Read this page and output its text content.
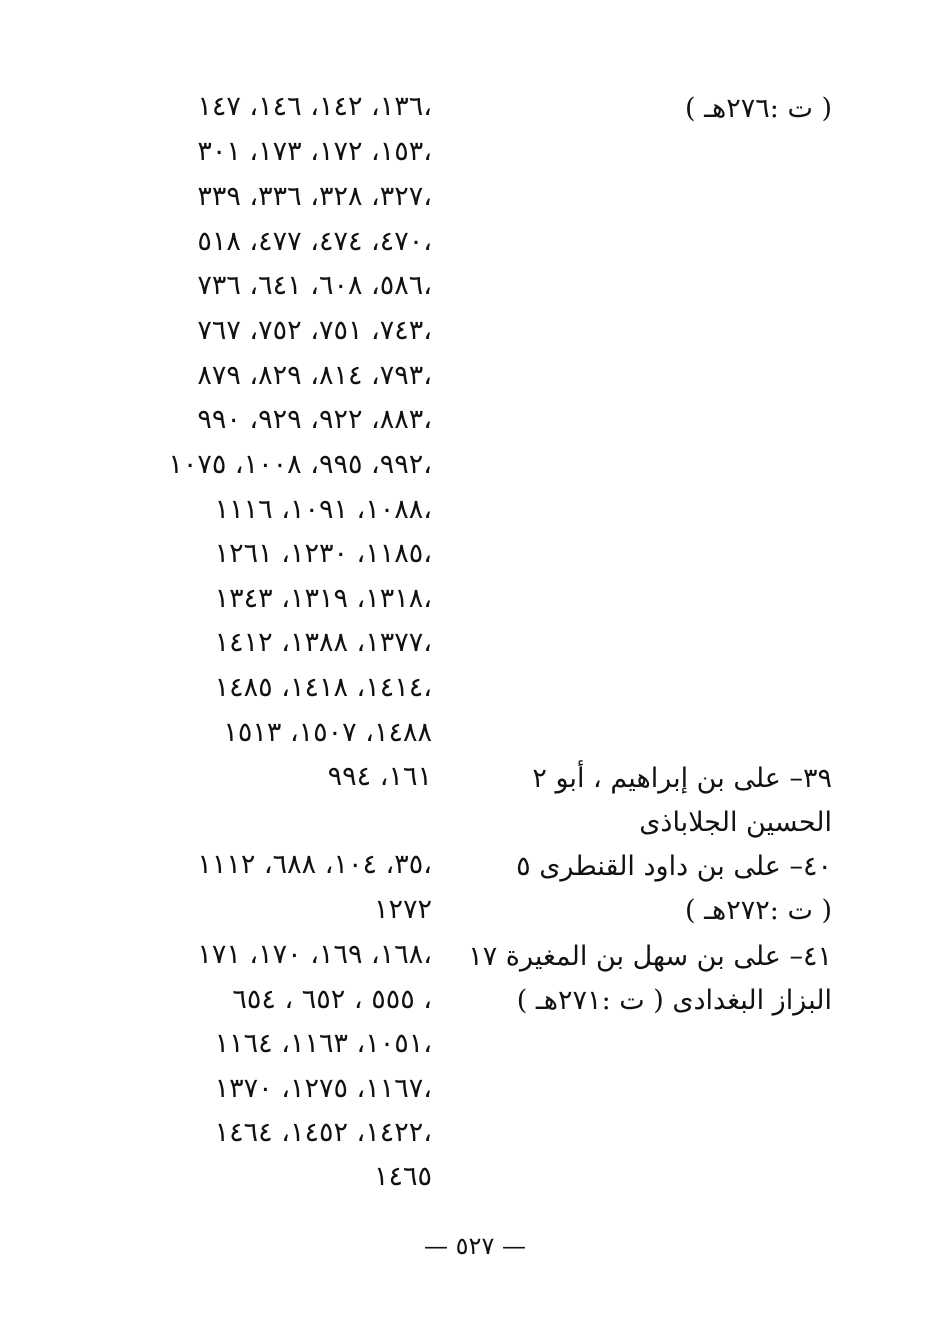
( ت :٢٧٦هـ )
٣٩– على بن إبراهيم ، أبو ٢
الحسين الجلاباذى
٤٠– على بن داود القنطرى ٥
( ت :٢٧٢هـ )
٤١– على بن سهل بن المغيرة ١٧
البزاز البغدادى ( ت :٢٧١هـ )
١٣٦، ١٤٢، ١٤٦، ١٤٧،
١٥٣، ١٧٢، ١٧٣، ٣٠١،
٣٢٧، ٣٢٨، ٣٣٦، ٣٣٩،
٤٧٠، ٤٧٤، ٤٧٧، ٥١٨،
٥٨٦، ٦٠٨، ٦٤١، ٧٣٦،
٧٤٣، ٧٥١، ٧٥٢، ٧٦٧،
٧٩٣، ٨١٤، ٨٢٩، ٨٧٩،
٨٨٣، ٩٢٢، ٩٢٩، ٩٩٠،
٩٩٢، ٩٩٥، ١٠٠٨، ١٠٧٥،
١٠٨٨، ١٠٩١، ١١١٦،
١١٨٥، ١٢٣٠، ١٢٦١،
١٣١٨، ١٣١٩، ١٣٤٣،
١٣٧٧، ١٣٨٨، ١٤١٢،
١٤١٤، ١٤١٨، ١٤٨٥،
١٤٨٨، ١٥٠٧، ١٥١٣
١٦١، ٩٩٤
٣٥، ١٠٤، ٦٨٨، ١١١٢،
١٢٧٢
١٦٨، ١٦٩، ١٧٠، ١٧١،
٥٥٥ ، ٦٥٢ ، ٦٥٤ ،
١٠٥١، ١١٦٣، ١١٦٤،
١١٦٧، ١٢٧٥، ١٣٧٠،
١٤٢٢، ١٤٥٢، ١٤٦٤،
١٤٦٥
— ٥٢٧ —
